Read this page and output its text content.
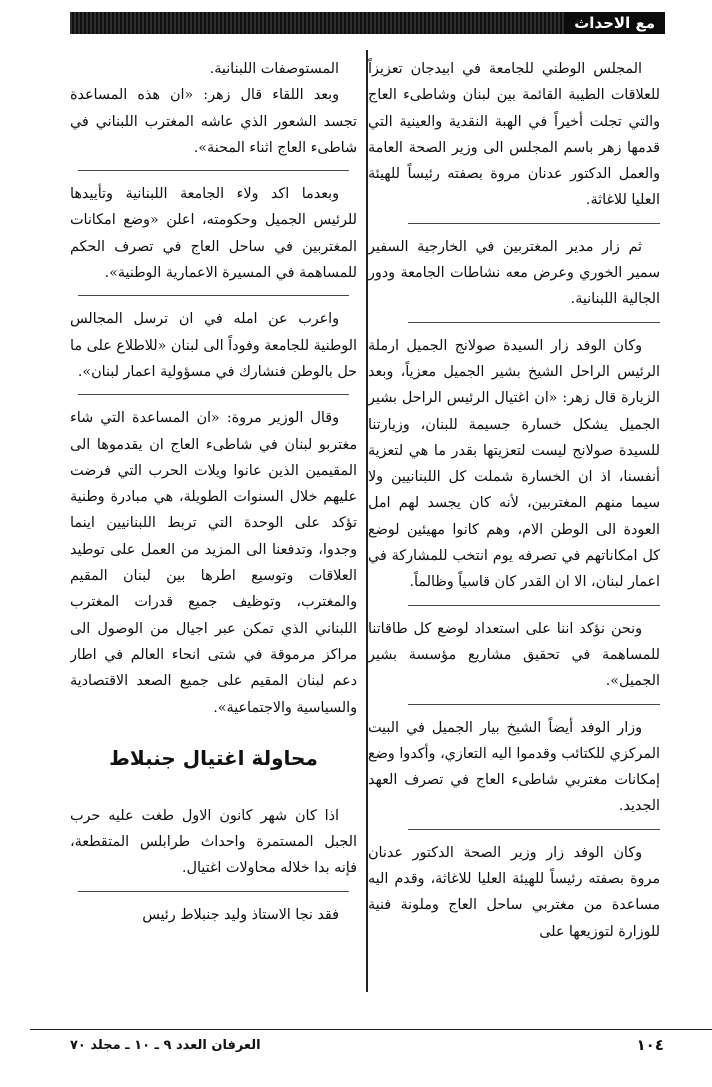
مع الاحداث

المجلس الوطني للجامعة في ابيدجان تعزيزاً للعلاقات الطيبة القائمة بين لبنان وشاطىء العاج والتي تجلت أخيراً في الهبة النقدية والعينية التي قدمها زهر باسم المجلس الى وزير الصحة العامة والعمل الدكتور عدنان مروة بصفته رئيساً للهيئة العليا للاغاثة.

ثم زار مدير المغتربين في الخارجية السفير سمير الخوري وعرض معه نشاطات الجامعة ودور الجالية اللبنانية.

وكان الوفد زار السيدة صولانج الجميل ارملة الرئيس الراحل الشيخ بشير الجميل معزياً، وبعد الزيارة قال زهر: «ان اغتيال الرئيس الراحل بشير الجميل يشكل خسارة جسيمة للبنان، وزيارتنا للسيدة صولانج ليست لتعزيتها بقدر ما هي لتعزية أنفسنا، اذ ان الخسارة شملت كل اللبنانيين ولا سيما منهم المغتربين، لأنه كان يجسد لهم امل العودة الى الوطن الام، وهم كانوا مهيئين لوضع كل امكاناتهم في تصرفه يوم انتخب للمشاركة في اعمار لبنان، الا ان القدر كان قاسياً وظالماً.

ونحن نؤكد اننا على استعداد لوضع كل طاقاتنا للمساهمة في تحقيق مشاريع مؤسسة بشير الجميل».

وزار الوفد أيضاً الشيخ بيار الجميل في البيت المركزي للكتائب وقدموا اليه التعازي، وأكدوا وضع إمكانات مغتربي شاطىء العاج في تصرف العهد الجديد.

وكان الوفد زار وزير الصحة الدكتور عدنان مروة بصفته رئيساً للهيئة العليا للاغاثة، وقدم اليه مساعدة من مغتربي ساحل العاج وملونة فنية للوزارة لتوزيعها على

المستوصفات اللبنانية.

وبعد اللقاء قال زهر: «ان هذه المساعدة تجسد الشعور الذي عاشه المغترب اللبناني في شاطىء العاج اثناء المحنة».

وبعدما اكد ولاء الجامعة اللبنانية وتأييدها للرئيس الجميل وحكومته، اعلن «وضع امكانات المغتربين في ساحل العاج في تصرف الحكم للمساهمة في المسيرة الاعمارية الوطنية».

واعرب عن امله في ان ترسل المجالس الوطنية للجامعة وفوداً الى لبنان «للاطلاع على ما حل بالوطن فنشارك في مسؤولية اعمار لبنان».

وقال الوزير مروة: «ان المساعدة التي شاء مغتربو لبنان في شاطىء العاج ان يقدموها الى المقيمين الذين عانوا ويلات الحرب التي فرضت عليهم خلال السنوات الطويلة، هي مبادرة وطنية تؤكد على الوحدة التي تربط اللبنانيين اينما وجدوا، وتدفعنا الى المزيد من العمل على توطيد العلاقات وتوسيع اطرها بين لبنان المقيم والمغترب، وتوظيف جميع قدرات المغترب اللبناني الذي تمكن عبر اجيال من الوصول الى مراكز مرموقة في شتى انحاء العالم في اطار دعم لبنان المقيم على جميع الصعد الاقتصادية والسياسية والاجتماعية».

محاولة اغتيال جنبلاط

اذا كان شهر كانون الاول طغت عليه حرب الجبل المستمرة واحداث طرابلس المتقطعة، فإنه بدا خلاله محاولات اغتيال.

فقد نجا الاستاذ وليد جنبلاط رئيس

العرفان العدد ٩ ـ ١٠ ـ مجلد ٧٠	١٠٤
